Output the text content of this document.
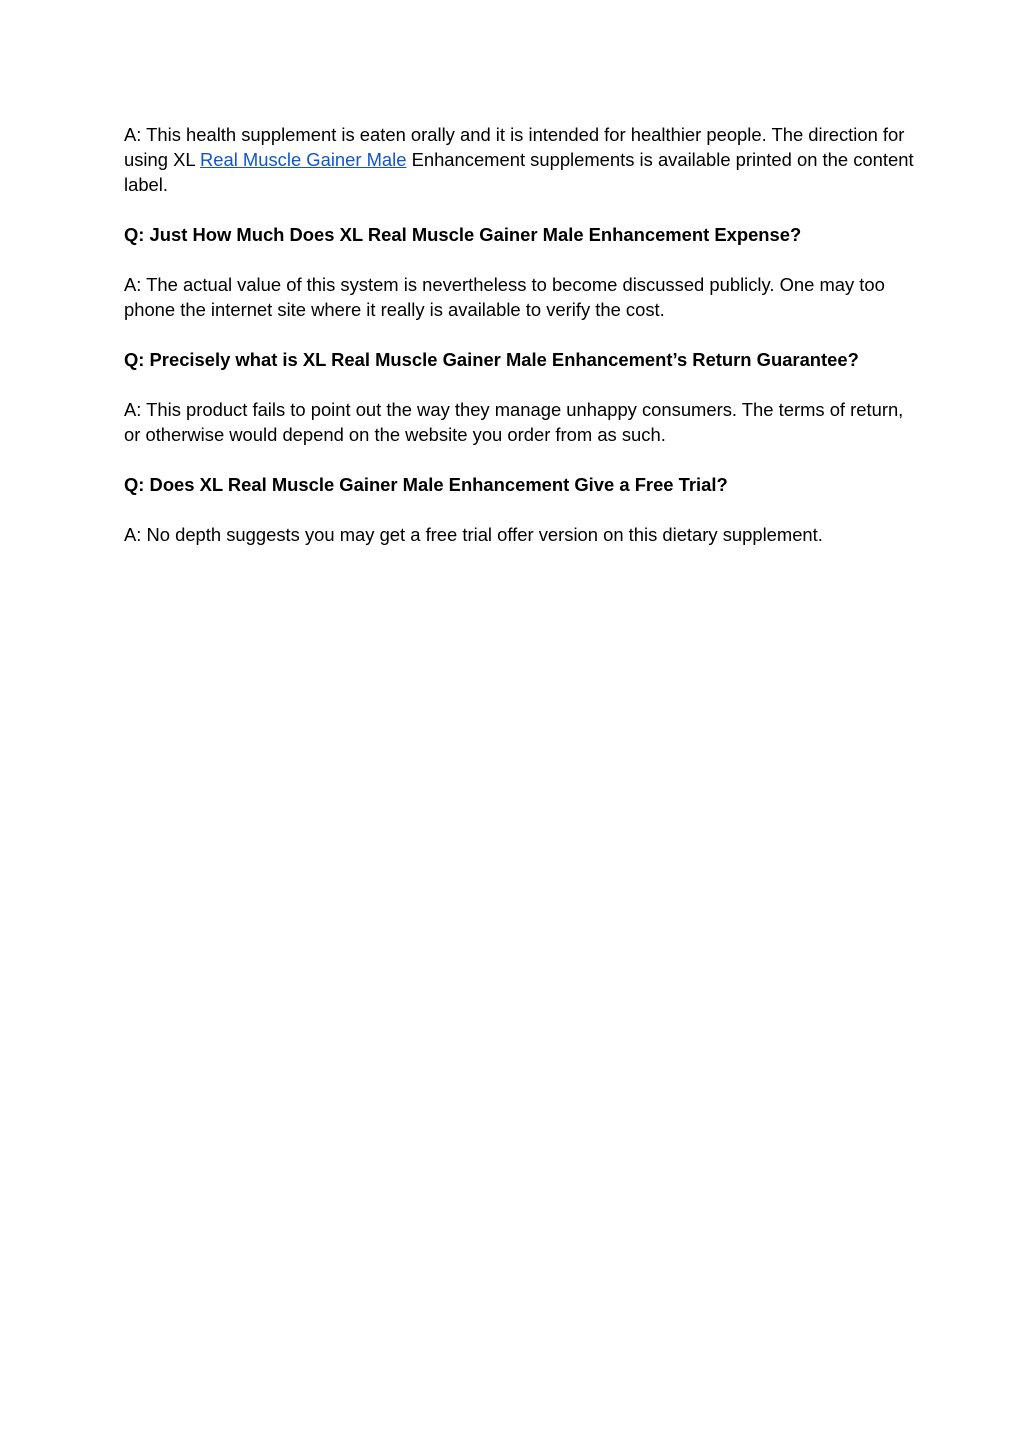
A: This health supplement is eaten orally and it is intended for healthier people. The direction for using XL Real Muscle Gainer Male Enhancement supplements is available printed on the content label.

Q: Just How Much Does XL Real Muscle Gainer Male Enhancement Expense?

A: The actual value of this system is nevertheless to become discussed publicly. One may too phone the internet site where it really is available to verify the cost.

Q: Precisely what is XL Real Muscle Gainer Male Enhancement’s Return Guarantee?

A: This product fails to point out the way they manage unhappy consumers. The terms of return, or otherwise would depend on the website you order from as such.

Q: Does XL Real Muscle Gainer Male Enhancement Give a Free Trial?

A: No depth suggests you may get a free trial offer version on this dietary supplement.
